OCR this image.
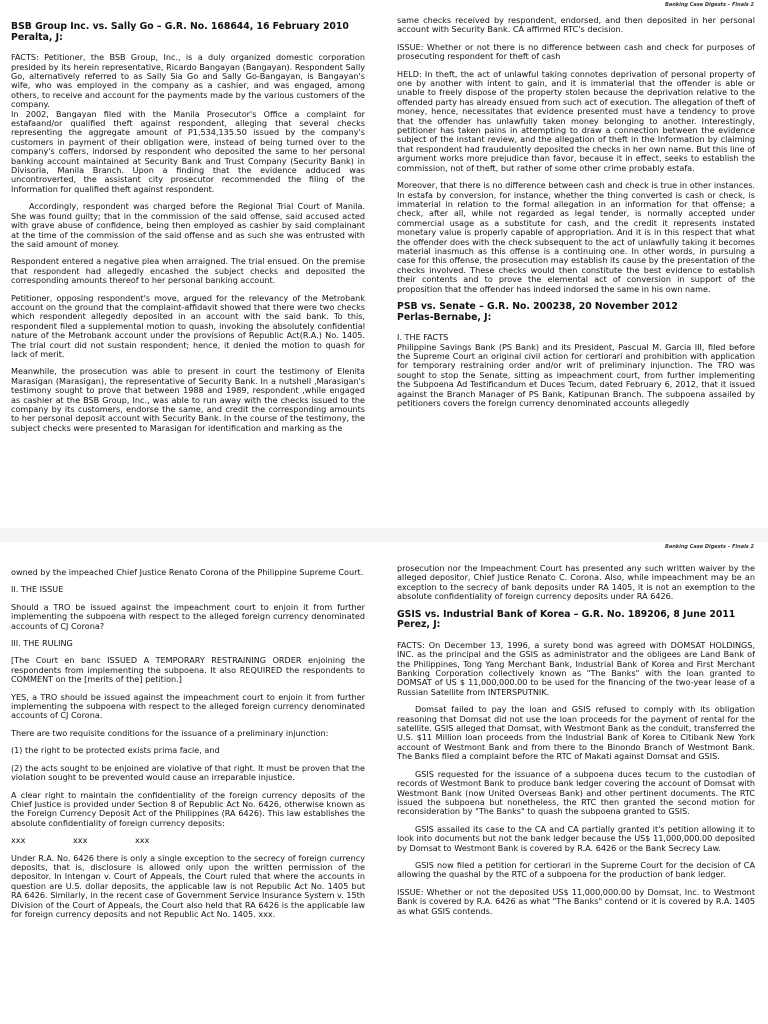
Banking Case Digests – Finals 2
BSB Group Inc. vs. Sally Go – G.R. No. 168644, 16 February 2010
Peralta, J:

FACTS: Petitioner, the BSB Group, Inc., is a duly organized domestic corporation presided by its herein representative, Ricardo Bangayan (Bangayan). Respondent Sally Go, alternatively referred to as Sally Sia Go and Sally Go-Bangayan, is Bangayan's wife, who was employed in the company as a cashier, and was engaged, among others, to receive and account for the payments made by the various customers of the company.

In 2002, Bangayan filed with the Manila Prosecutor's Office a complaint for estafaand/or qualified theft against respondent, alleging that several checks representing the aggregate amount of P1,534,135.50 issued by the company's customers in payment of their obligation were, instead of being turned over to the company's coffers, indorsed by respondent who deposited the same to her personal banking account maintained at Security Bank and Trust Company (Security Bank) in Divisoria, Manila Branch. Upon a finding that the evidence adduced was uncontroverted, the assistant city prosecutor recommended the filing of the Information for qualified theft against respondent.

Accordingly, respondent was charged before the Regional Trial Court of Manila. She was found guilty; that in the commission of the said offense, said accused acted with grave abuse of confidence, being then employed as cashier by said complainant at the time of the commission of the said offense and as such she was entrusted with the said amount of money.

Respondent entered a negative plea when arraigned. The trial ensued. On the premise that respondent had allegedly encashed the subject checks and deposited the corresponding amounts thereof to her personal banking account.

Petitioner, opposing respondent's move, argued for the relevancy of the Metrobank account on the ground that the complaint-affidavit showed that there were two checks which respondent allegedly deposited in an account with the said bank. To this, respondent filed a supplemental motion to quash, invoking the absolutely confidential nature of the Metrobank account under the provisions of Republic Act(R.A.) No. 1405. The trial court did not sustain respondent; hence, it denied the motion to quash for lack of merit.

Meanwhile, the prosecution was able to present in court the testimony of Elenita Marasigan (Marasigan), the representative of Security Bank. In a nutshell ,Marasigan's testimony sought to prove that between 1988 and 1989, respondent ,while engaged as cashier at the BSB Group, Inc., was able to run away with the checks issued to the company by its customers, endorse the same, and credit the corresponding amounts to her personal deposit account with Security Bank. In the course of the testimony, the subject checks were presented to Marasigan for identification and marking as the

same checks received by respondent, endorsed, and then deposited in her personal account with Security Bank. CA affirmed RTC's decision.

ISSUE: Whether or not there is no difference between cash and check for purposes of prosecuting respondent for theft of cash

HELD: In theft, the act of unlawful taking connotes deprivation of personal property of one by another with intent to gain, and it is immaterial that the offender is able or unable to freely dispose of the property stolen because the deprivation relative to the offended party has already ensued from such act of execution. The allegation of theft of money, hence, necessitates that evidence presented must have a tendency to prove that the offender has unlawfully taken money belonging to another. Interestingly, petitioner has taken pains in attempting to draw a connection between the evidence subject of the instant review, and the allegation of theft in the Information by claiming that respondent had fraudulently deposited the checks in her own name. But this line of argument works more prejudice than favor, because it in effect, seeks to establish the commission, not of theft, but rather of some other crime probably estafa.

Moreover, that there is no difference between cash and check is true in other instances. In estafa by conversion, for instance, whether the thing converted is cash or check, is immaterial in relation to the formal allegation in an information for that offense; a check, after all, while not regarded as legal tender, is normally accepted under commercial usage as a substitute for cash, and the credit it represents instated monetary value is properly capable of appropriation. And it is in this respect that what the offender does with the check subsequent to the act of unlawfully taking it becomes material inasmuch as this offense is a continuing one. In other words, in pursuing a case for this offense, the prosecution may establish its cause by the presentation of the checks involved. These checks would then constitute the best evidence to establish their contents and to prove the elemental act of conversion in support of the proposition that the offender has indeed indorsed the same in his own name.

PSB vs. Senate – G.R. No. 200238, 20 November 2012
Perlas-Bernabe, J:

I. THE FACTS

Philippine Savings Bank (PS Bank) and its President, Pascual M. Garcia III, filed before the Supreme Court an original civil action for certiorari and prohibition with application for temporary restraining order and/or writ of preliminary injunction. The TRO was sought to stop the Senate, sitting as impeachment court, from further implementing the Subpoena Ad Testificandum et Duces Tecum, dated February 6, 2012, that it issued against the Branch Manager of PS Bank, Katipunan Branch. The subpoena assailed by petitioners covers the foreign currency denominated accounts allegedly

Banking Case Digests – Finals 2

owned by the impeached Chief Justice Renato Corona of the Philippine Supreme Court.

II. THE ISSUE

Should a TRO be issued against the impeachment court to enjoin it from further implementing the subpoena with respect to the alleged foreign currency denominated accounts of CJ Corona?

III. THE RULING

[The Court en banc ISSUED A TEMPORARY RESTRAINING ORDER enjoining the respondents from implementing the subpoena. It also REQUIRED the respondents to COMMENT on the [merits of the] petition.]

YES, a TRO should be issued against the impeachment court to enjoin it from further implementing the subpoena with respect to the alleged foreign currency denominated accounts of CJ Corona.

There are two requisite conditions for the issuance of a preliminary injunction:

(1) the right to be protected exists prima facie, and

(2) the acts sought to be enjoined are violative of that right. It must be proven that the violation sought to be prevented would cause an irreparable injustice.

A clear right to maintain the confidentiality of the foreign currency deposits of the Chief Justice is provided under Section 8 of Republic Act No. 6426, otherwise known as the Foreign Currency Deposit Act of the Philippines (RA 6426). This law establishes the absolute confidentiality of foreign currency deposits:

xxx	xxx	xxx

Under R.A. No. 6426 there is only a single exception to the secrecy of foreign currency deposits, that is, disclosure is allowed only upon the written permission of the depositor. In Intengan v. Court of Appeals, the Court ruled that where the accounts in question are U.S. dollar deposits, the applicable law is not Republic Act No. 1405 but RA 6426. Similarly, in the recent case of Government Service Insurance System v. 15th Division of the Court of Appeals, the Court also held that RA 6426 is the applicable law for foreign currency deposits and not Republic Act No. 1405. xxx.

prosecution nor the Impeachment Court has presented any such written waiver by the alleged depositor, Chief Justice Renato C. Corona. Also, while impeachment may be an exception to the secrecy of bank deposits under RA 1405, it is not an exemption to the absolute confidentiality of foreign currency deposits under RA 6426.

GSIS vs. Industrial Bank of Korea – G.R. No. 189206, 8 June 2011
Perez, J:

FACTS: On December 13, 1996, a surety bond was agreed with DOMSAT HOLDINGS, INC. as the principal and the GSIS as administrator and the obligees are Land Bank of the Philippines, Tong Yang Merchant Bank, Industrial Bank of Korea and First Merchant Banking Corporation collectively known as "The Banks" with the loan granted to DOMSAT of US $ 11,000,000.00 to be used for the financing of the two-year lease of a Russian Satellite from INTERSPUTNIK.

Domsat failed to pay the loan and GSIS refused to comply with its obligation reasoning that Domsat did not use the loan proceeds for the payment of rental for the satellite. GSIS alleged that Domsat, with Westmont Bank as the conduit, transferred the U.S. $11 Million loan proceeds from the Industrial Bank of Korea to Citibank New York account of Westmont Bank and from there to the Binondo Branch of Westmont Bank. The Banks filed a complaint before the RTC of Makati against Domsat and GSIS.

GSIS requested for the issuance of a subpoena duces tecum to the custodian of records of Westmont Bank to produce bank ledger covering the account of Domsat with Westmont Bank (now United Overseas Bank) and other pertinent documents. The RTC issued the subpoena but nonetheless, the RTC then granted the second motion for reconsideration by "The Banks" to quash the subpoena granted to GSIS.

GSIS assailed its case to the CA and CA partially granted it's petition allowing it to look into documents but not the bank ledger because the US$ 11,000,000.00 deposited by Domsat to Westmont Bank is covered by R.A. 6426 or the Bank Secrecy Law.

GSIS now filed a petition for certiorari in the Supreme Court for the decision of CA allowing the quashal by the RTC of a subpoena for the production of bank ledger.

ISSUE: Whether or not the deposited US$ 11,000,000.00 by Domsat, Inc. to Westmont Bank is covered by R.A. 6426 as what "The Banks" contend or it is covered by R.A. 1405 as what GSIS contends.
